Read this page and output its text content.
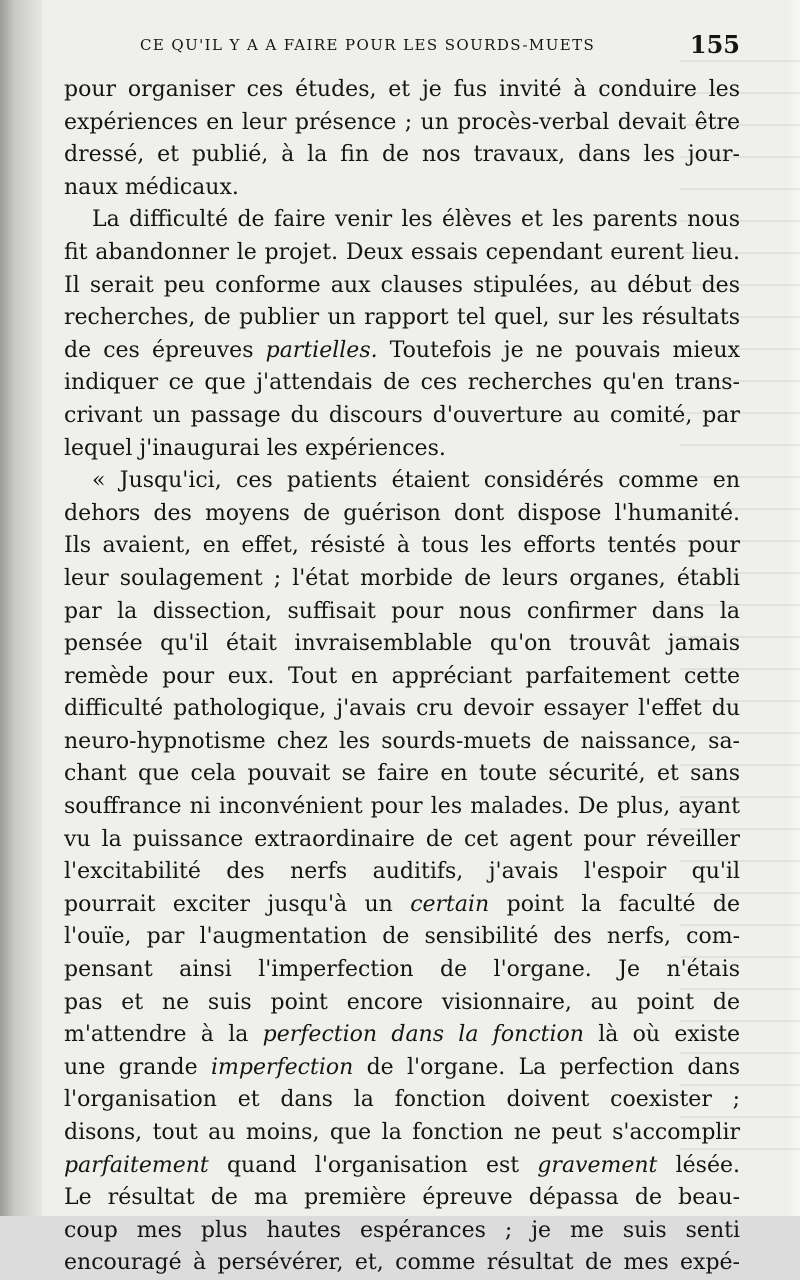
CE QU'IL Y A A FAIRE POUR LES SOURDS-MUETS	155

pour organiser ces études, et je fus invité à conduire les

expériences en leur présence ; un procès-verbal devait être

dressé, et publié, à la fin de nos travaux, dans les jour-

naux médicaux.

La difficulté de faire venir les élèves et les parents nous

fit abandonner le projet. Deux essais cependant eurent lieu.

Il serait peu conforme aux clauses stipulées, au début des

recherches, de publier un rapport tel quel, sur les résultats

de ces épreuves partielles. Toutefois je ne pouvais mieux

indiquer ce que j'attendais de ces recherches qu'en trans-

crivant un passage du discours d'ouverture au comité, par

lequel j'inaugurai les expériences.

« Jusqu'ici, ces patients étaient considérés comme en

dehors des moyens de guérison dont dispose l'humanité.

Ils avaient, en effet, résisté à tous les efforts tentés pour

leur soulagement ; l'état morbide de leurs organes, établi

par la dissection, suffisait pour nous confirmer dans la

pensée qu'il était invraisemblable qu'on trouvât jamais

remède pour eux. Tout en appréciant parfaitement cette

difficulté pathologique, j'avais cru devoir essayer l'effet du

neuro-hypnotisme chez les sourds-muets de naissance, sa-

chant que cela pouvait se faire en toute sécurité, et sans

souffrance ni inconvénient pour les malades. De plus, ayant

vu la puissance extraordinaire de cet agent pour réveiller

l'excitabilité des nerfs auditifs, j'avais l'espoir qu'il

pourrait exciter jusqu'à un certain point la faculté de

l'ouïe, par l'augmentation de sensibilité des nerfs, com-

pensant ainsi l'imperfection de l'organe. Je n'étais

pas et ne suis point encore visionnaire, au point de

m'attendre à la perfection dans la fonction là où existe

une grande imperfection de l'organe. La perfection dans

l'organisation et dans la fonction doivent coexister ;

disons, tout au moins, que la fonction ne peut s'accomplir

parfaitement quand l'organisation est gravement lésée.

Le résultat de ma première épreuve dépassa de beau-

coup mes plus hautes espérances ; je me suis senti

encouragé à persévérer, et, comme résultat de mes expé-
